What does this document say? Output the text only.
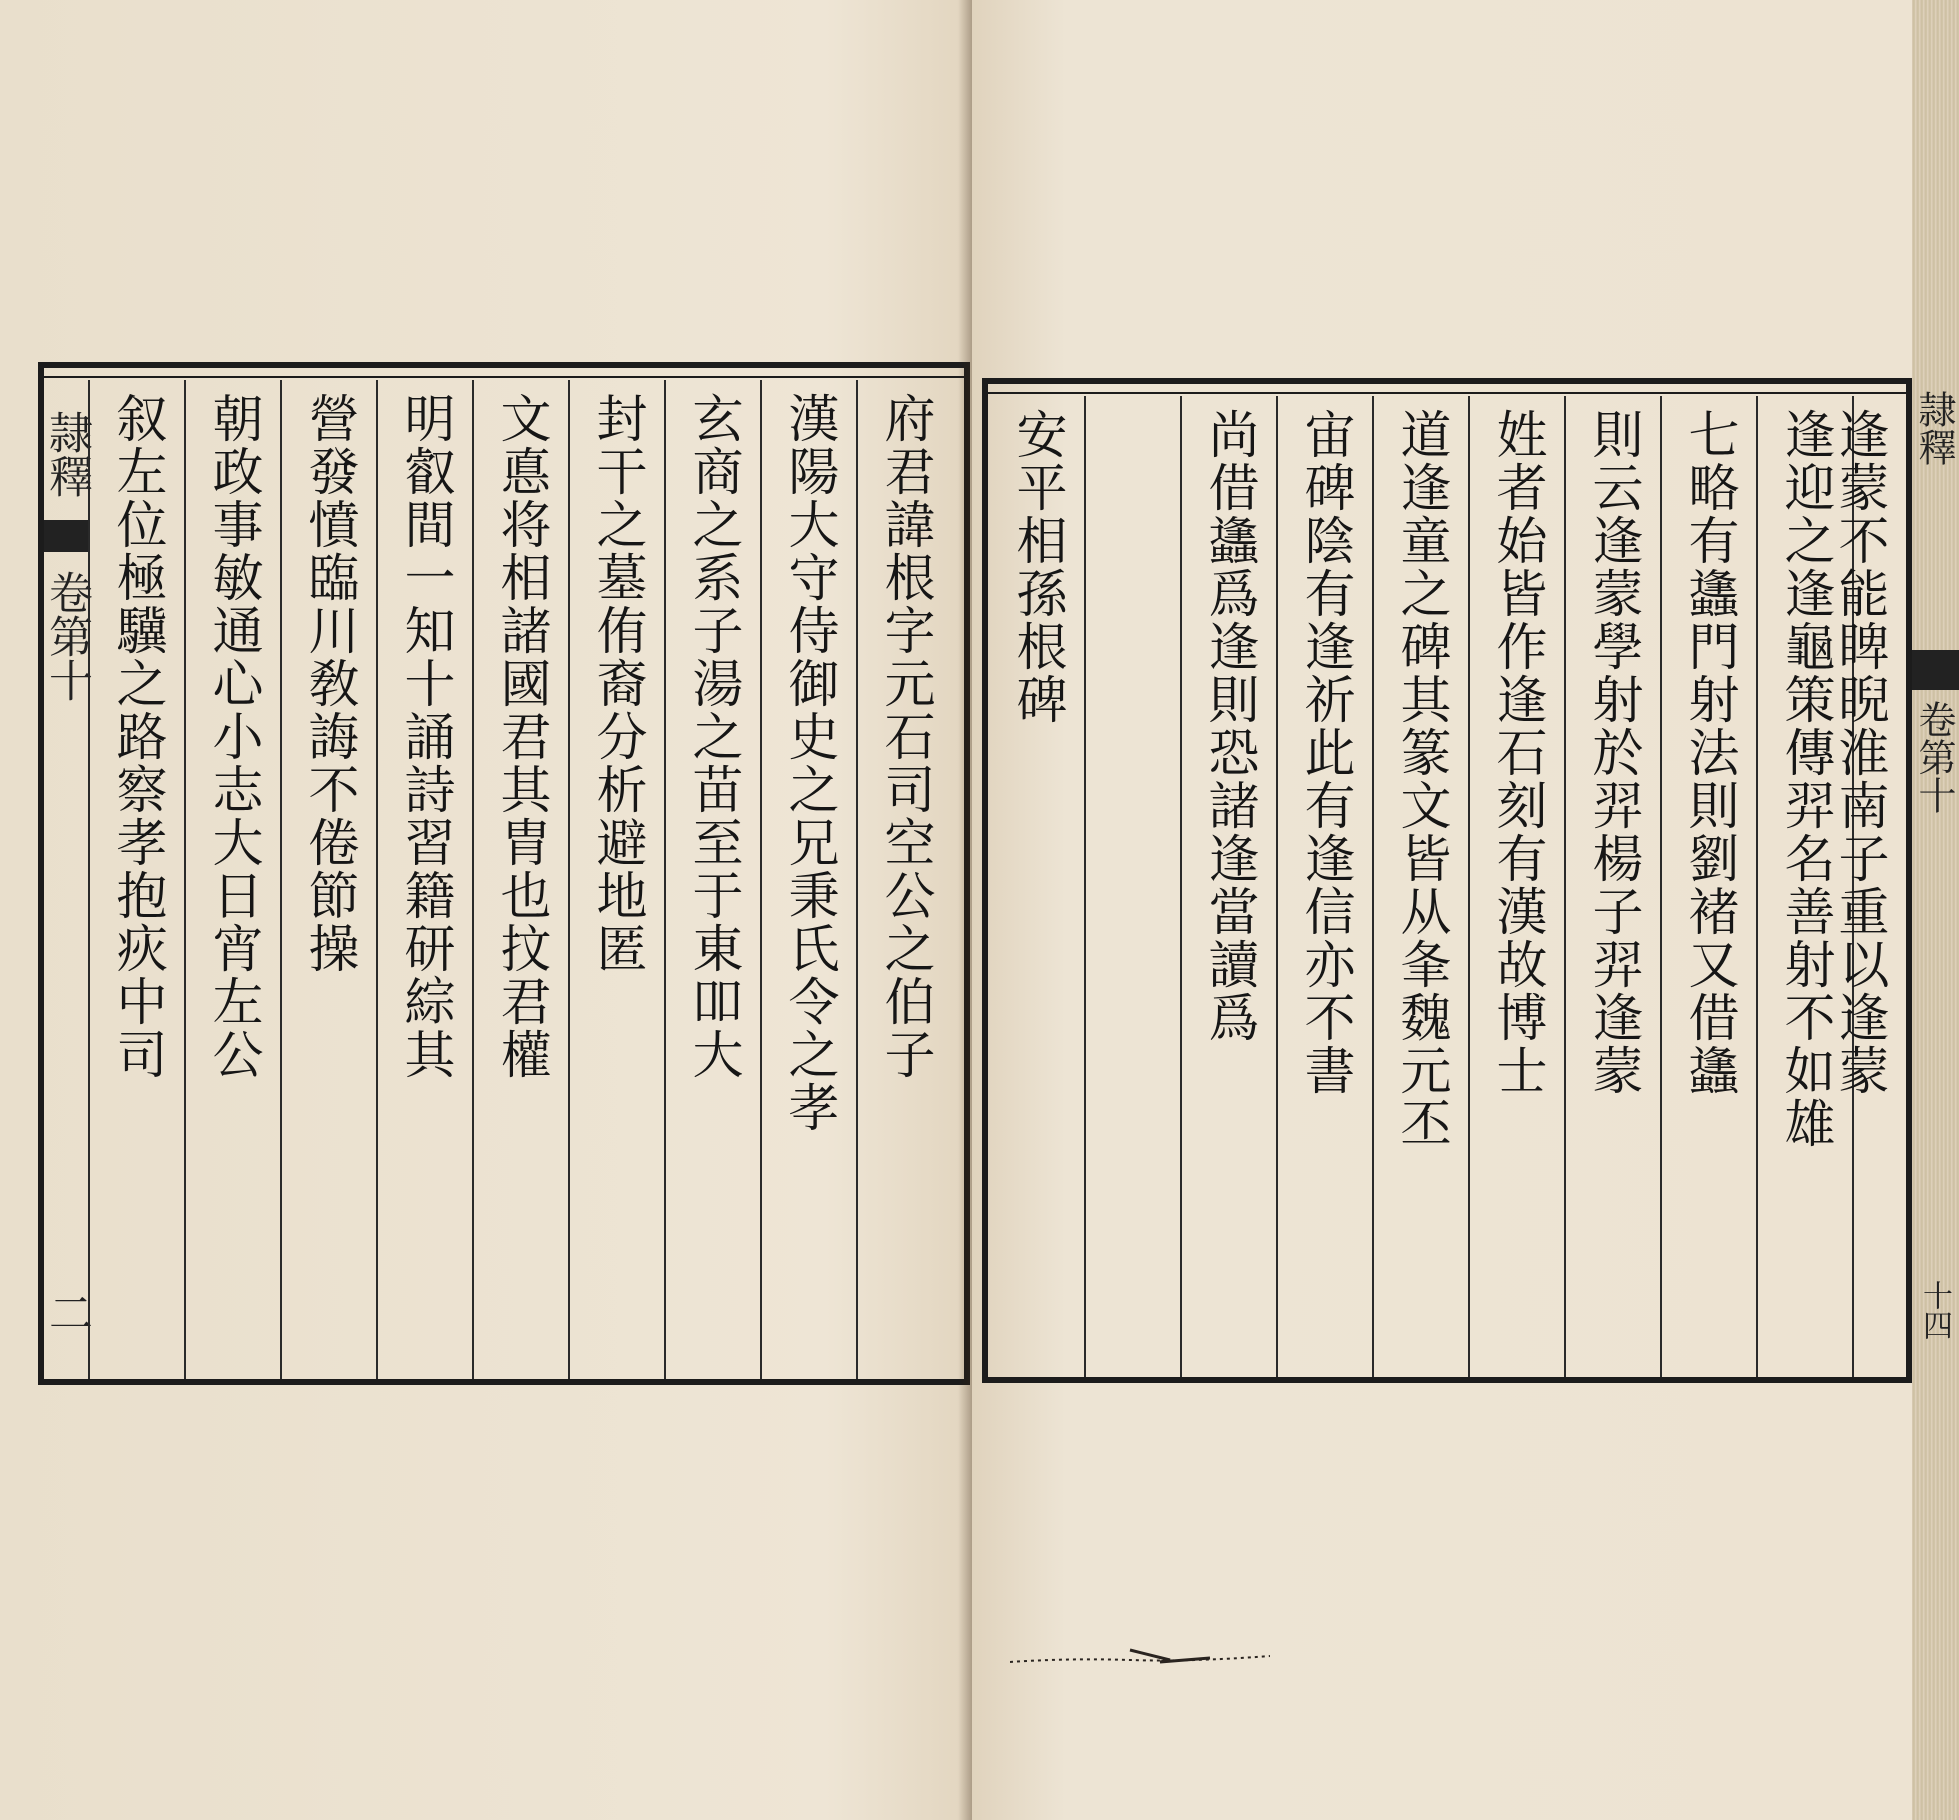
隷釋
卷第十
二
叙左位極驥之路察孝抱疢中司 朝政事敏通心小志大日宵左公 營發憤臨川敎誨不倦節操 明叡間一知十誦詩習籍研綜其 文悳将相諸國君其胄也抆君權 封干之墓侑裔分析避地匿 玄商之系子湯之苗至于東吅大 漢陽大守侍御史之兄秉氏令之孝 府君諱根字元石司空公之伯子	安平相孫根碑	尚借蠭爲逢則恐諸逢當讀爲 宙碑陰有逢祈此有逢信亦不書 道逢童之碑其篆文皆从夆魏元丕 姓者始皆作逢石刻有漢故博士 則云逢蒙學射於羿楊子羿逢蒙 七略有蠭門射法則劉褚又借蠭 逢迎之逢龜策傳羿名善射不如雄
逢蒙不能睥睨淮南子重以逢蒙 隷釋
卷第十
十四
